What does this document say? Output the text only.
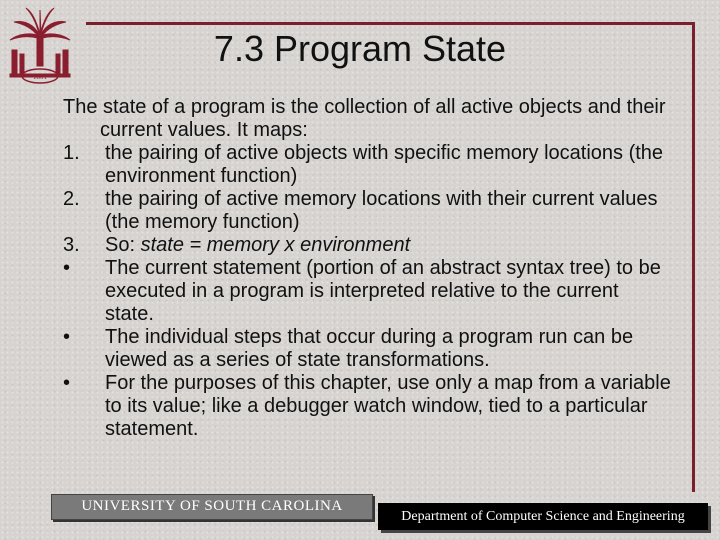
1801
7.3 Program State

The state of a program is the collection of all active objects and their current values. It maps:

1. the pairing of active objects with specific memory locations (the environment function)
2. the pairing of active memory locations with their current values (the memory function)
3. So: state = memory x environment
• The current statement (portion of an abstract syntax tree) to be executed in a program is interpreted relative to the current state.
• The individual steps that occur during a program run can be viewed as a series of state transformations.
• For the purposes of this chapter, use only a map from a variable to its value; like a debugger watch window, tied to a particular statement.
UNIVERSITY OF SOUTH CAROLINA
Department of Computer Science and Engineering
